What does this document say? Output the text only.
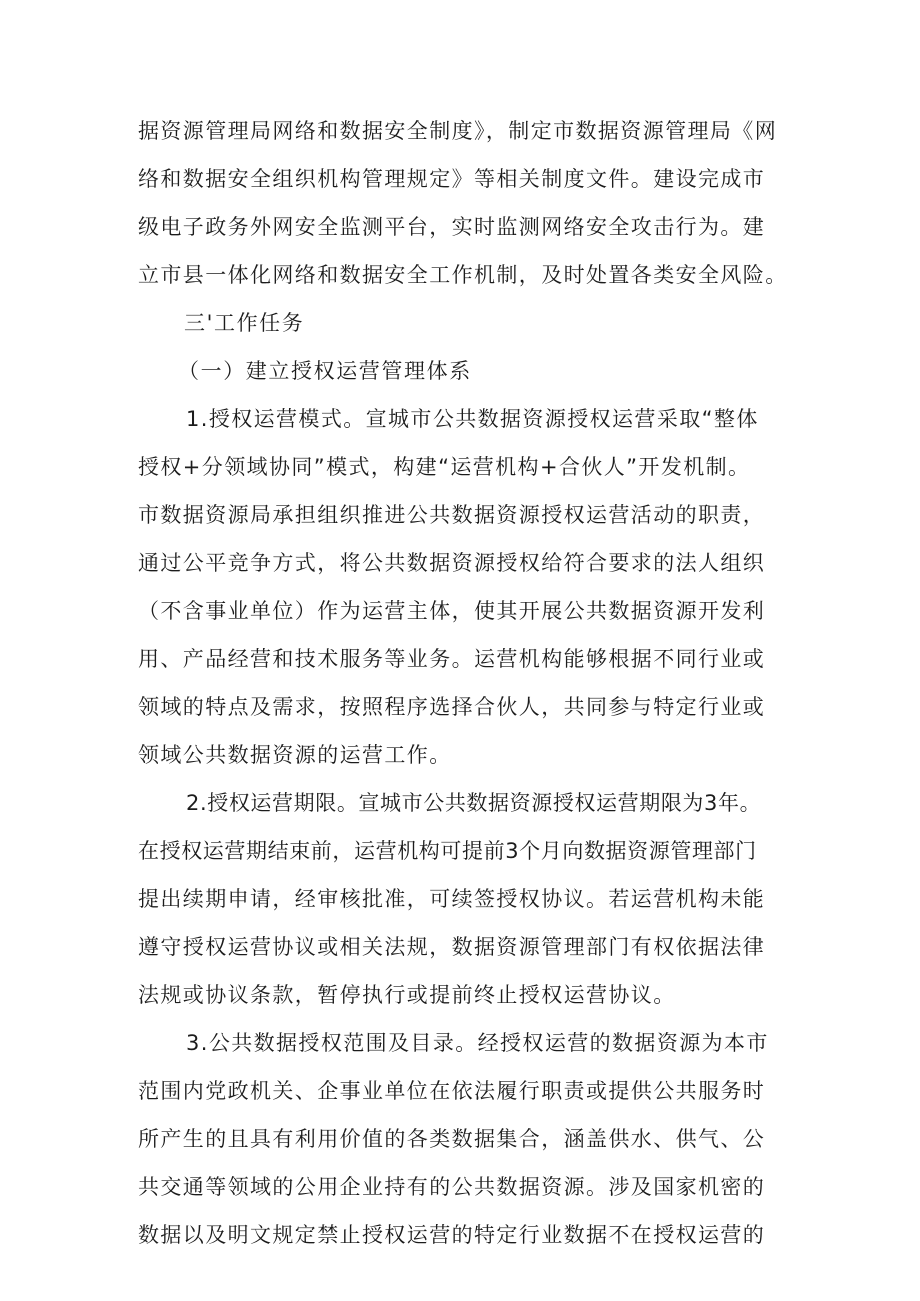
据资源管理局网络和数据安全制度》，制定市数据资源管理局《网

络和数据安全组织机构管理规定》等相关制度文件。建设完成市

级电子政务外网安全监测平台，实时监测网络安全攻击行为。建

立市县一体化网络和数据安全工作机制，及时处置各类安全风险。

三'工作任务

（一）建立授权运营管理体系

1.授权运营模式。宣城市公共数据资源授权运营采取“整体

授权+分领域协同”模式，构建“运营机构+合伙人”开发机制。

市数据资源局承担组织推进公共数据资源授权运营活动的职责，

通过公平竞争方式，将公共数据资源授权给符合要求的法人组织

（不含事业单位）作为运营主体，使其开展公共数据资源开发利

用、产品经营和技术服务等业务。运营机构能够根据不同行业或

领域的特点及需求，按照程序选择合伙人，共同参与特定行业或

领域公共数据资源的运营工作。

2.授权运营期限。宣城市公共数据资源授权运营期限为3年。

在授权运营期结束前，运营机构可提前3个月向数据资源管理部门

提出续期申请，经审核批准，可续签授权协议。若运营机构未能

遵守授权运营协议或相关法规，数据资源管理部门有权依据法律

法规或协议条款，暂停执行或提前终止授权运营协议。

3.公共数据授权范围及目录。经授权运营的数据资源为本市

范围内党政机关、企事业单位在依法履行职责或提供公共服务时

所产生的且具有利用价值的各类数据集合，涵盖供水、供气、公

共交通等领域的公用企业持有的公共数据资源。涉及国家机密的

数据以及明文规定禁止授权运营的特定行业数据不在授权运营的
